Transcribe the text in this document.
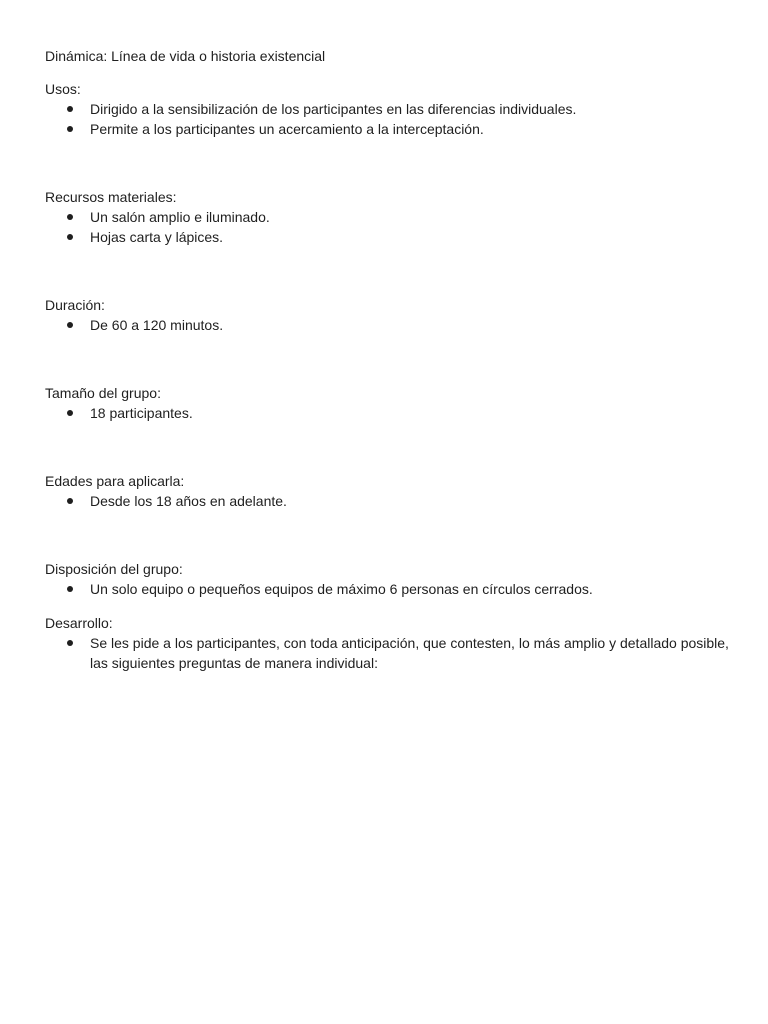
Dinámica: Línea de vida o historia existencial

Usos:

Dirigido a la sensibilización de los participantes en las diferencias individuales.
Permite a los participantes un acercamiento a la interceptación.

Recursos materiales:

Un salón amplio e iluminado.
Hojas carta y lápices.

Duración:

De 60 a 120 minutos.

Tamaño del grupo:

18 participantes.

Edades para aplicarla:

Desde los 18 años en adelante.

Disposición del grupo:

Un solo equipo o pequeños equipos de máximo 6 personas en círculos cerrados.

Desarrollo:

Se les pide a los participantes, con toda anticipación, que contesten, lo más amplio y detallado posible, las siguientes preguntas de manera individual:
